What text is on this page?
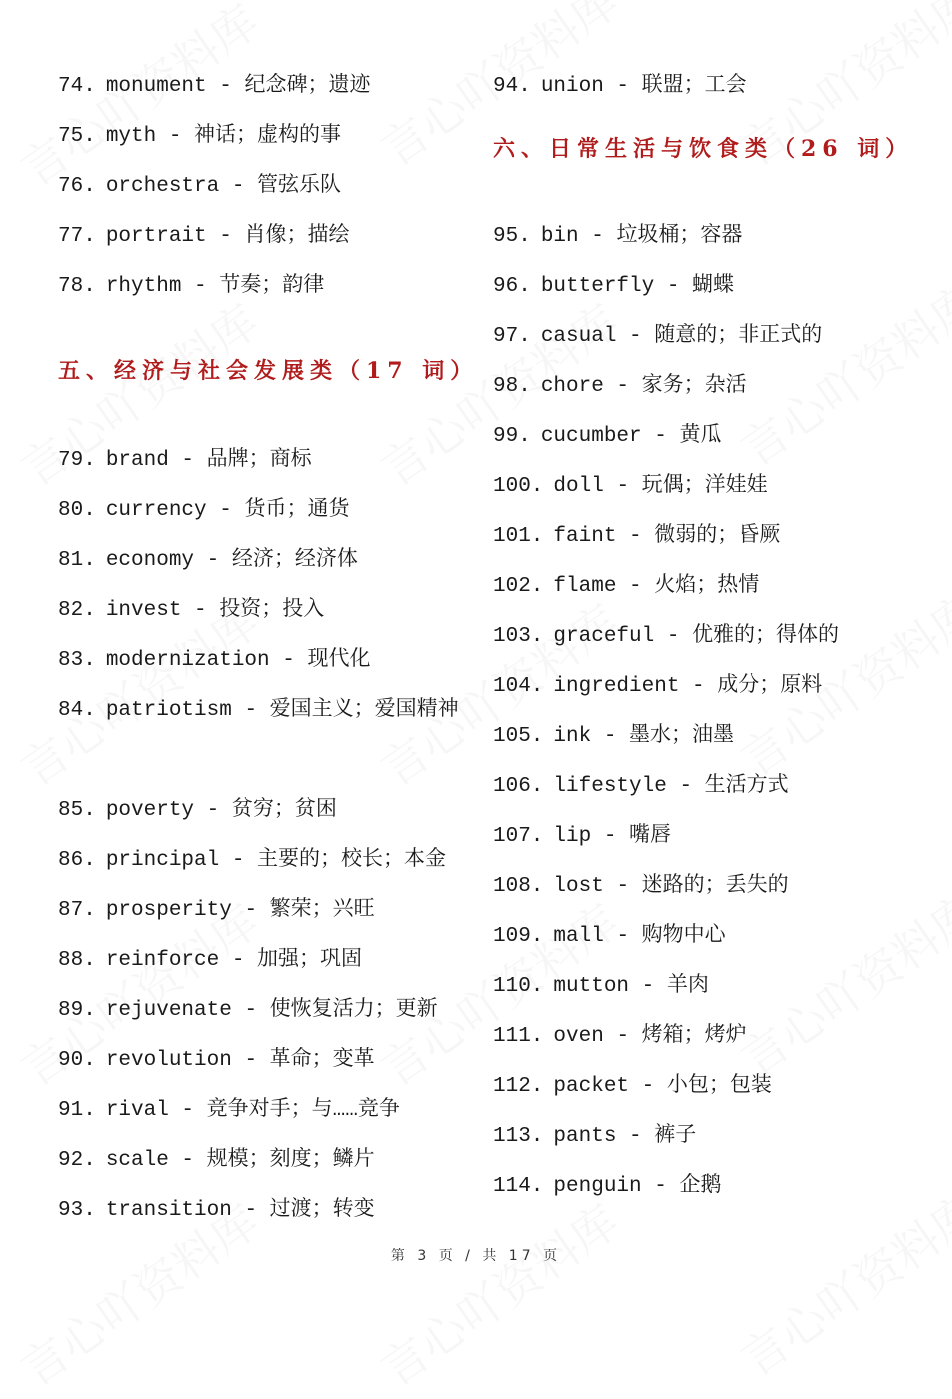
74. monument - 纪念碑；遗迹
75. myth - 神话；虚构的事
76. orchestra - 管弦乐队
77. portrait - 肖像；描绘
78. rhythm - 节奏；韵律
五、经济与社会发展类（17 词）
79. brand - 品牌；商标
80. currency - 货币；通货
81. economy - 经济；经济体
82. invest - 投资；投入
83. modernization - 现代化
84. patriotism - 爱国主义；爱国精神
85. poverty - 贫穷；贫困
86. principal - 主要的；校长；本金
87. prosperity - 繁荣；兴旺
88. reinforce - 加强；巩固
89. rejuvenate - 使恢复活力；更新
90. revolution - 革命；变革
91. rival - 竞争对手；与……竞争
92. scale - 规模；刻度；鳞片
93. transition - 过渡；转变
94. union - 联盟；工会
六、日常生活与饮食类（26 词）
95. bin - 垃圾桶；容器
96. butterfly - 蝴蝶
97. casual - 随意的；非正式的
98. chore - 家务；杂活
99. cucumber - 黄瓜
100. doll - 玩偶；洋娃娃
101. faint - 微弱的；昏厥
102. flame - 火焰；热情
103. graceful - 优雅的；得体的
104. ingredient - 成分；原料
105. ink - 墨水；油墨
106. lifestyle - 生活方式
107. lip - 嘴唇
108. lost - 迷路的；丢失的
109. mall - 购物中心
110. mutton - 羊肉
111. oven - 烤箱；烤炉
112. packet - 小包；包装
113. pants - 裤子
114. penguin - 企鹅
第 3 页 / 共 17 页
